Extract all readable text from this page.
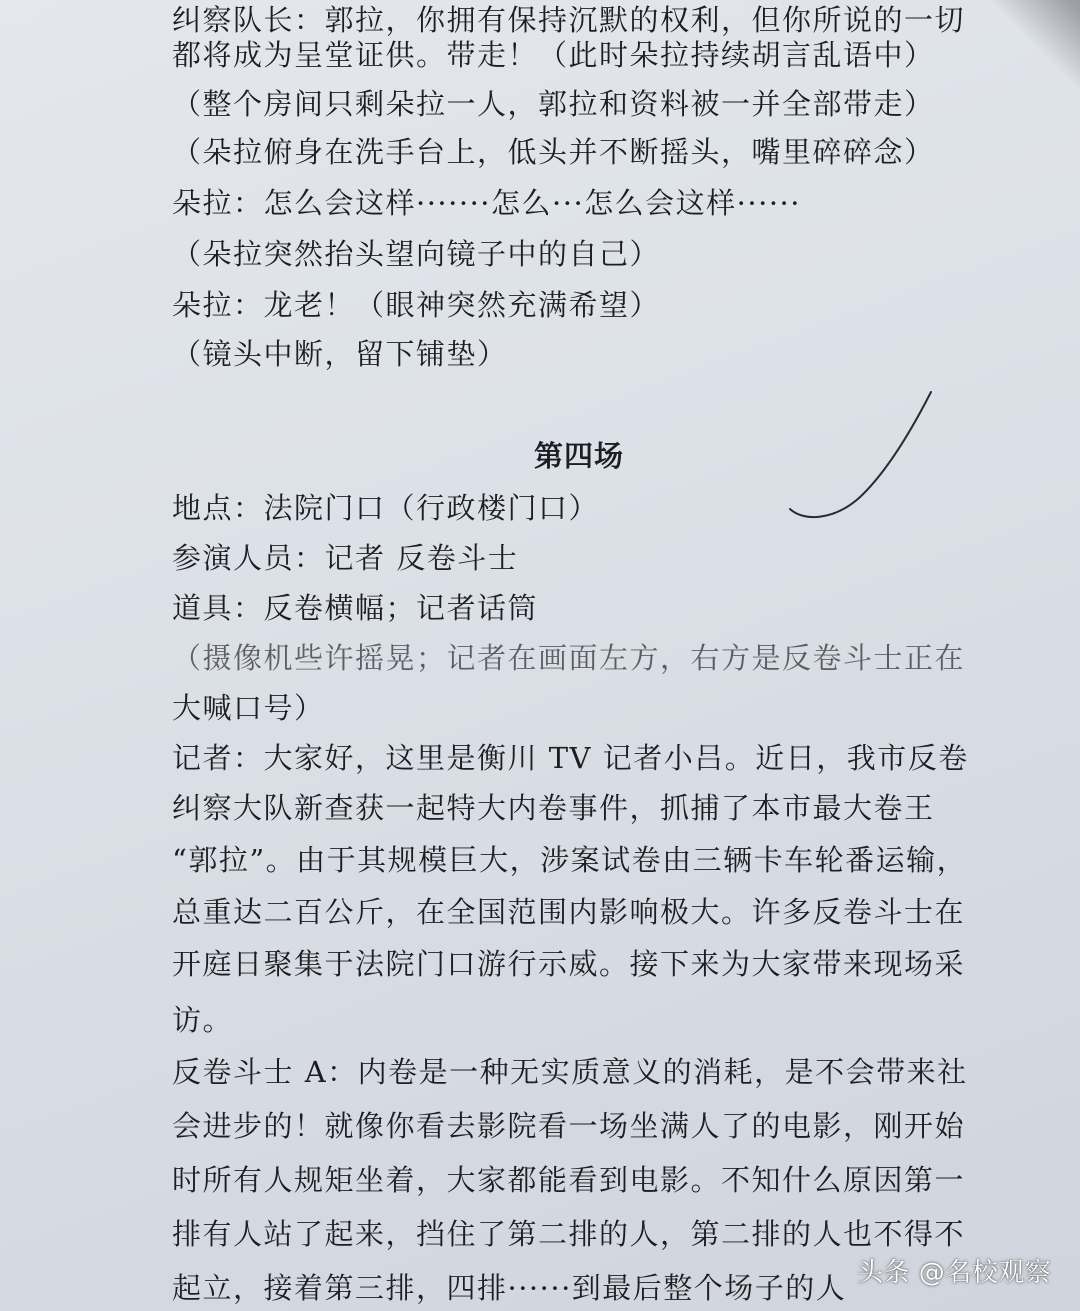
纠察队长：郭拉，你拥有保持沉默的权利，但你所说的一切
都将成为呈堂证供。带走！（此时朵拉持续胡言乱语中）
（整个房间只剩朵拉一人，郭拉和资料被一并全部带走）
（朵拉俯身在洗手台上，低头并不断摇头，嘴里碎碎念）
朵拉：怎么会这样·······怎么···怎么会这样······
（朵拉突然抬头望向镜子中的自己）
朵拉：龙老！（眼神突然充满希望）
（镜头中断，留下铺垫）
第四场
地点：法院门口（行政楼门口）
参演人员：记者 反卷斗士
道具：反卷横幅；记者话筒
（摄像机些许摇晃；记者在画面左方，右方是反卷斗士正在
大喊口号）
记者：大家好，这里是衡川 TV 记者小吕。近日，我市反卷
纠察大队新查获一起特大内卷事件，抓捕了本市最大卷王
“郭拉”。由于其规模巨大，涉案试卷由三辆卡车轮番运输，
总重达二百公斤，在全国范围内影响极大。许多反卷斗士在
开庭日聚集于法院门口游行示威。接下来为大家带来现场采
访。
反卷斗士 A：内卷是一种无实质意义的消耗，是不会带来社
会进步的！就像你看去影院看一场坐满人了的电影，刚开始
时所有人规矩坐着，大家都能看到电影。不知什么原因第一
排有人站了起来，挡住了第二排的人，第二排的人也不得不
起立，接着第三排，四排······到最后整个场子的人 头条 @名校观察
